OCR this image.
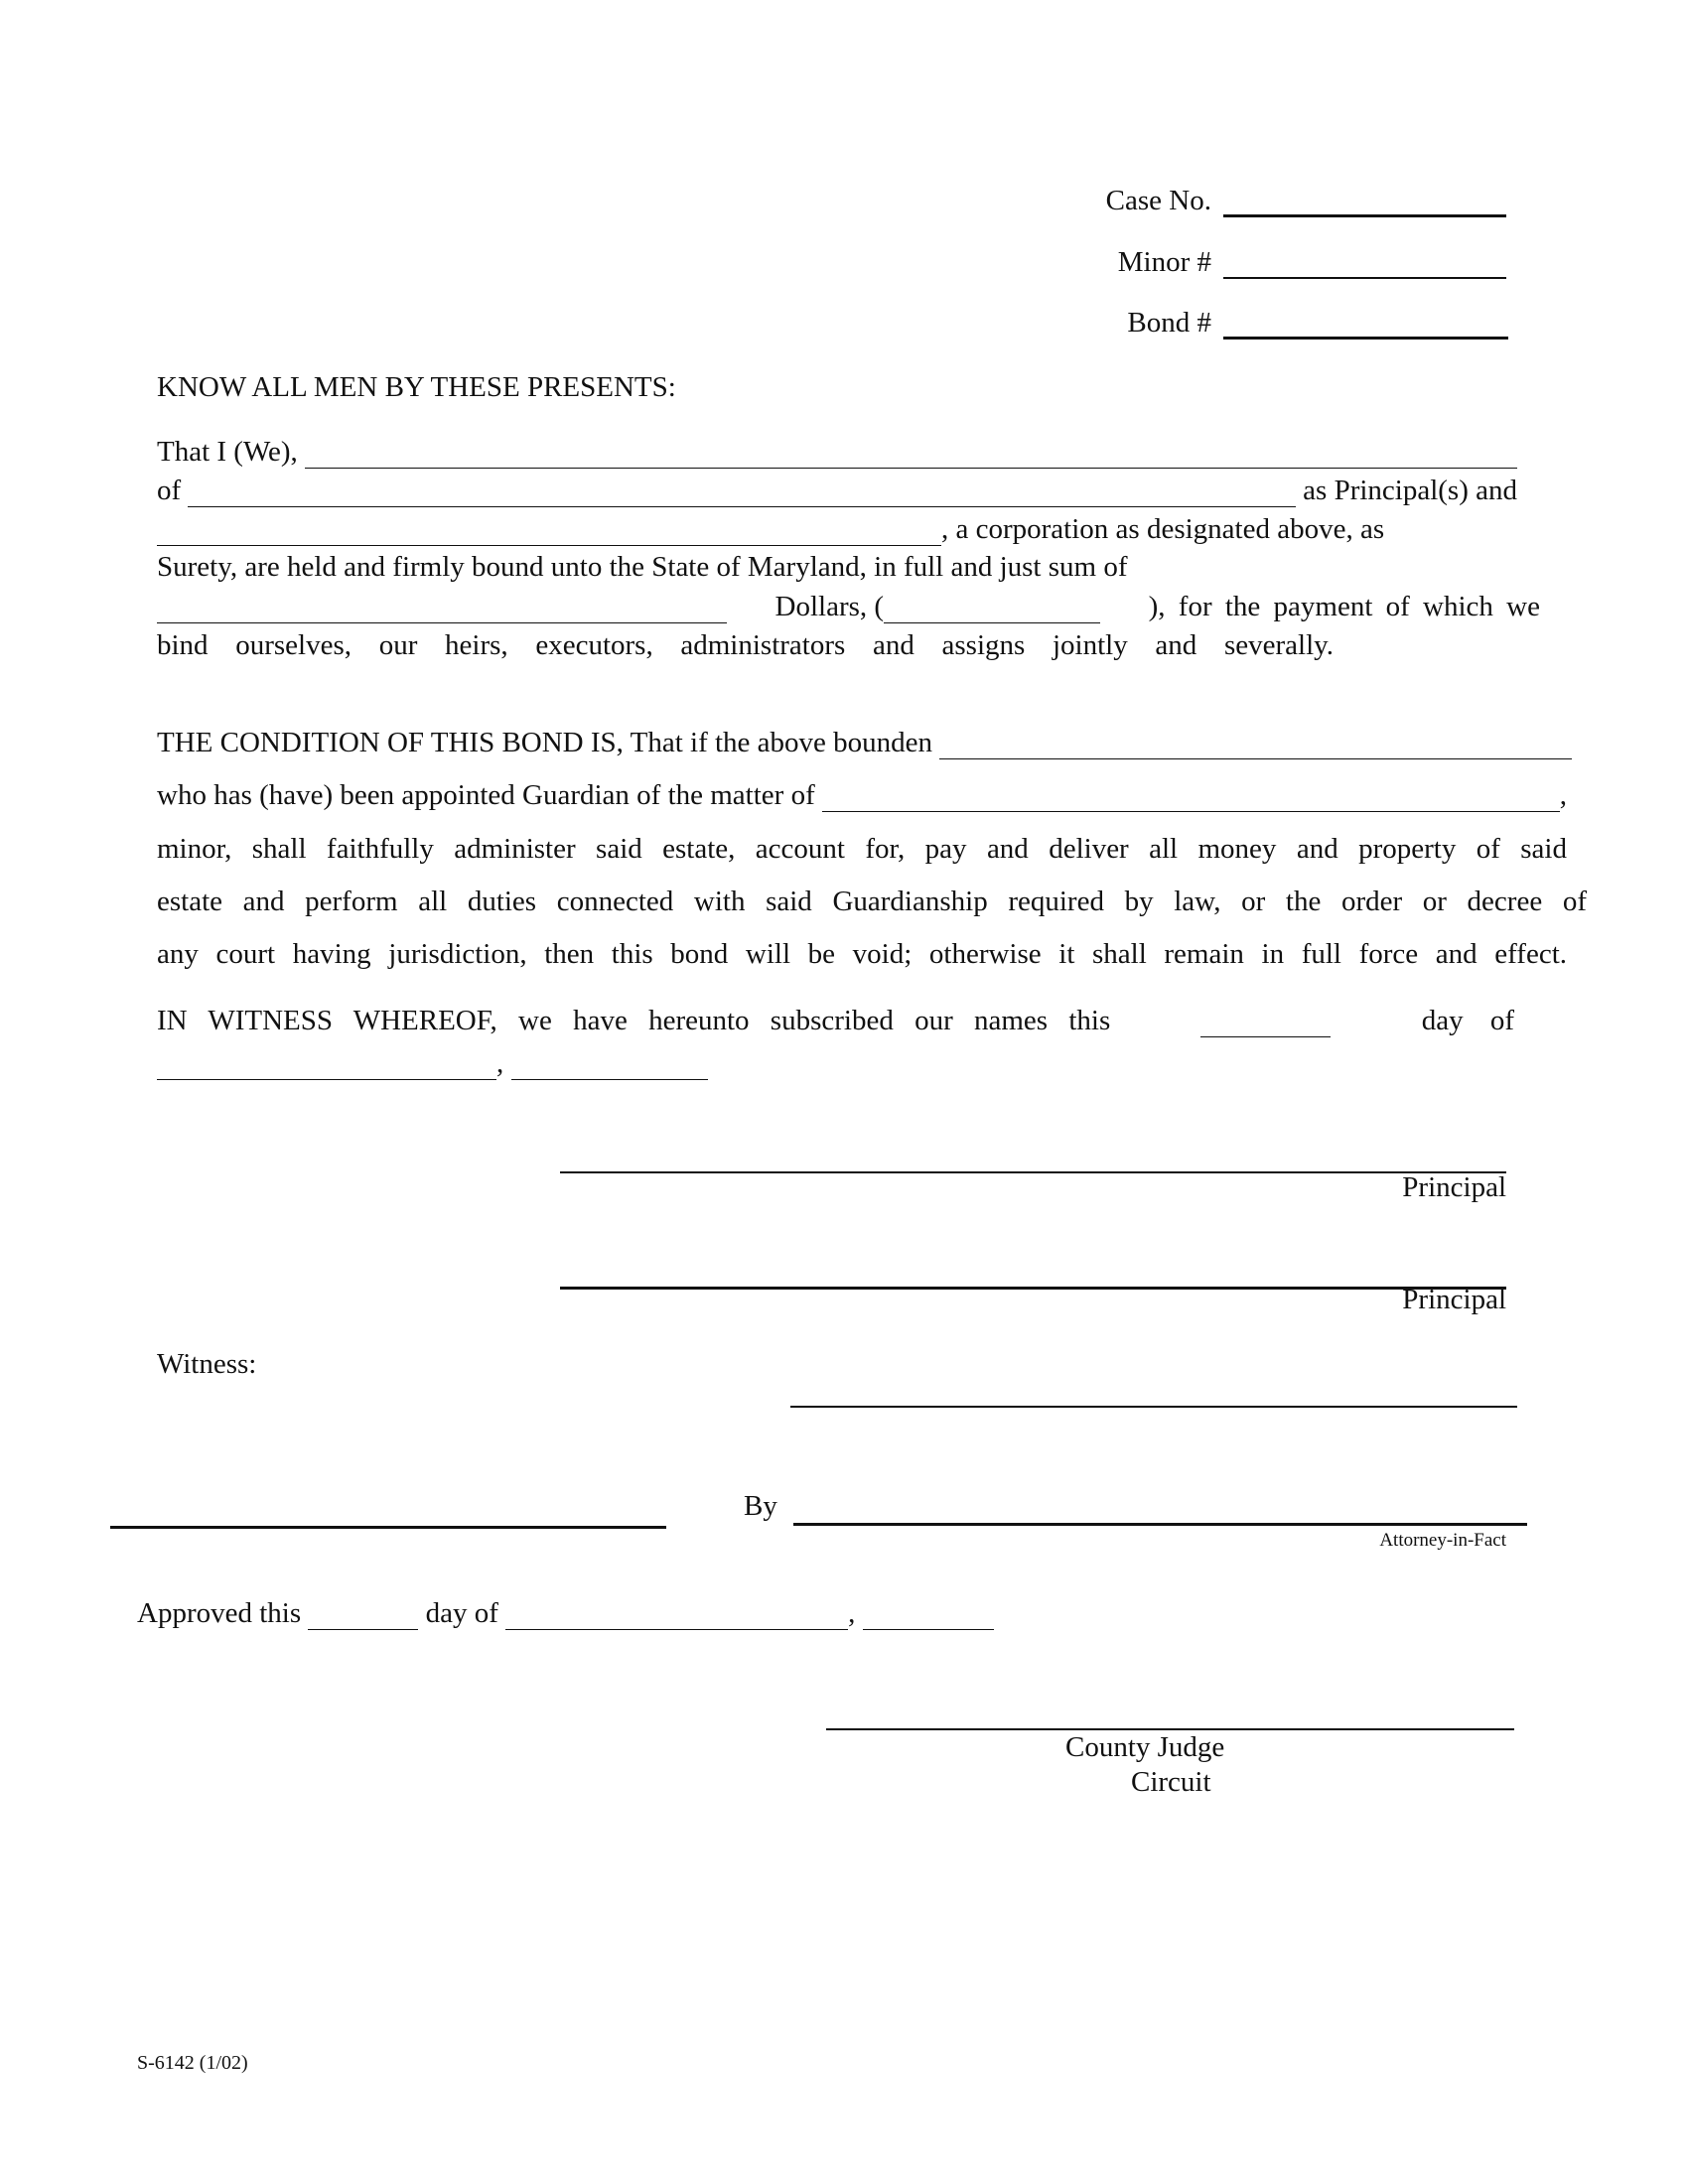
Case No.
Minor #
Bond #
KNOW ALL MEN BY THESE PRESENTS:
That I (We),

of

	as Principal(s) and
, a corporation as designated above, as
Surety, are held and firmly bound unto the State of Maryland, in full and just sum of
Dollars, (	), for the payment of which we
bind ourselves, our heirs, executors, administrators and assigns jointly and severally.
THE CONDITION OF THIS BOND IS, That if the above bounden

who has (have) been appointed Guardian of the matter of
	,
minor, shall faithfully administer said estate, account for, pay and deliver all money and property of said
estate and perform all duties connected with said Guardianship required by law, or the order or decree of
any court having jurisdiction, then this bond will be void; otherwise it shall remain in full force and effect.
IN WITNESS WHEREOF, we have hereunto subscribed our names this	day of
,

Principal
Principal
Witness:
By
Attorney-in-Fact
Approved this

	day of
	,

County Judge
Circuit
S-6142 (1/02)
